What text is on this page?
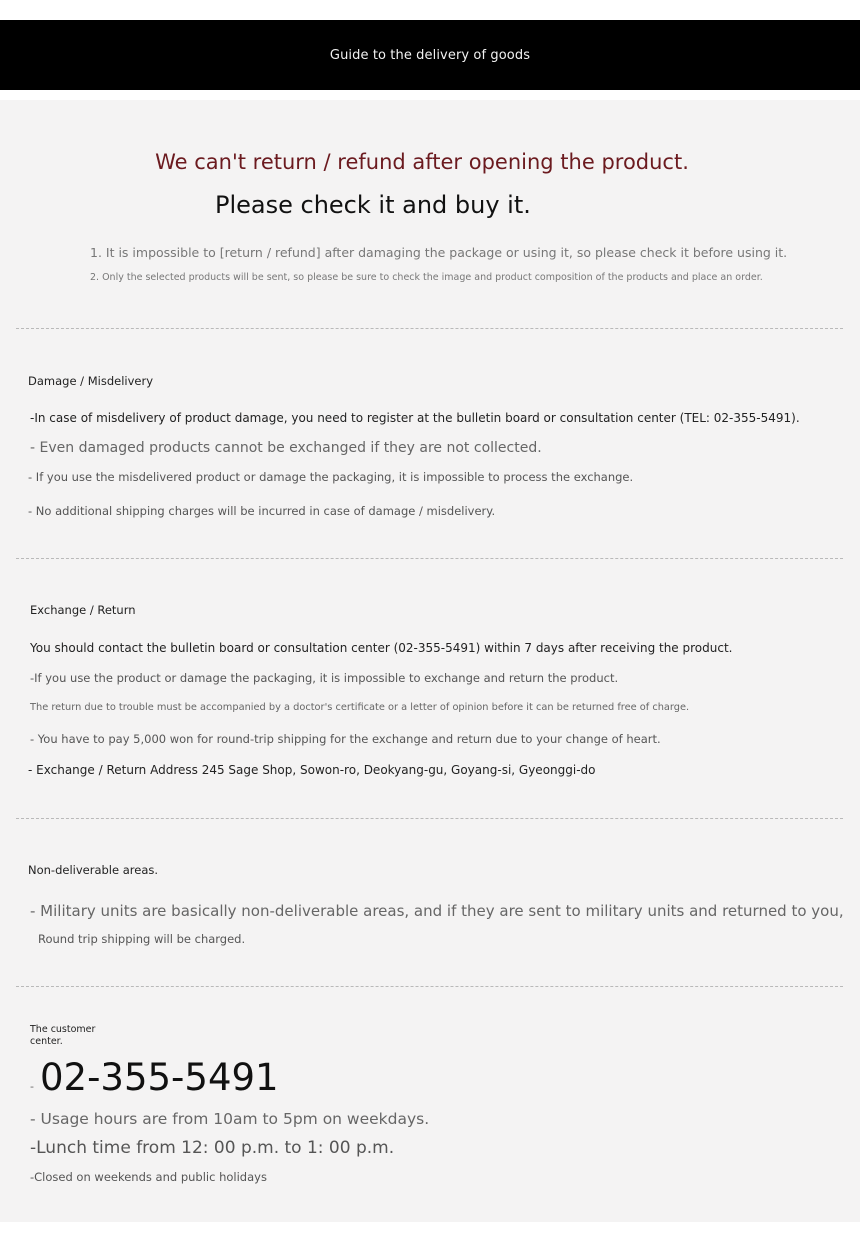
Guide to the delivery of goods
We can't return / refund after opening the product.
Please check it and buy it.
1. It is impossible to [return / refund] after damaging the package or using it, so please check it before using it.
2. Only the selected products will be sent, so please be sure to check the image and product composition of the products and place an order.
Damage / Misdelivery
-In case of misdelivery of product damage, you need to register at the bulletin board or consultation center (TEL: 02-355-5491).
- Even damaged products cannot be exchanged if they are not collected.
- If you use the misdelivered product or damage the packaging, it is impossible to process the exchange.
- No additional shipping charges will be incurred in case of damage / misdelivery.
Exchange / Return
You should contact the bulletin board or consultation center (02-355-5491) within 7 days after receiving the product.
-If you use the product or damage the packaging, it is impossible to exchange and return the product.
The return due to trouble must be accompanied by a doctor's certificate or a letter of opinion before it can be returned free of charge.
- You have to pay 5,000 won for round-trip shipping for the exchange and return due to your change of heart.
- Exchange / Return Address 245 Sage Shop, Sowon-ro, Deokyang-gu, Goyang-si, Gyeonggi-do
Non-deliverable areas.
- Military units are basically non-deliverable areas, and if they are sent to military units and returned to you,
Round trip shipping will be charged.
The customer
center.
- 02-355-5491
- Usage hours are from 10am to 5pm on weekdays.
-Lunch time from 12: 00 p.m. to 1: 00 p.m.
-Closed on weekends and public holidays
